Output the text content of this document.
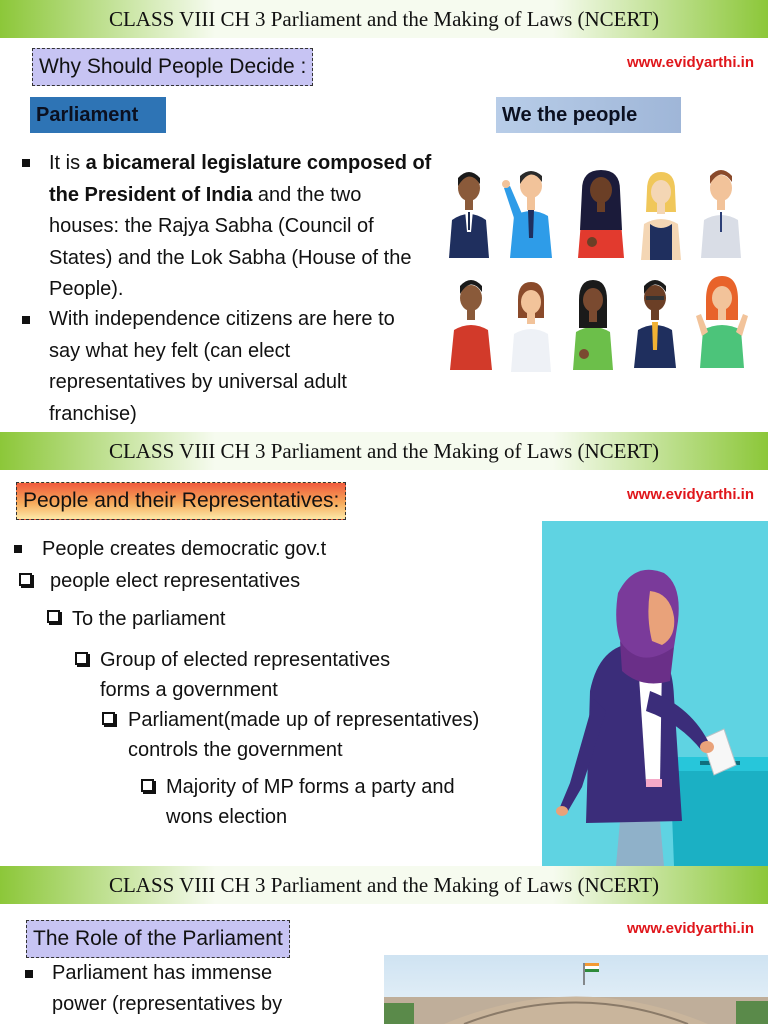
CLASS VIII CH 3 Parliament and the Making of Laws (NCERT)
www.evidyarthi.in
Why Should People Decide :
Parliament	We the people
It is a bicameral legislature composed of the President of India and the two houses: the Rajya Sabha (Council of States) and the Lok Sabha (House of the People).
With independence citizens are here to say what hey felt (can elect representatives by universal adult franchise)
CLASS VIII CH 3 Parliament and the Making of Laws (NCERT)
www.evidyarthi.in
People and their Representatives:
People creates democratic gov.t
people elect representatives
To the parliament
Group of elected representatives
forms a government
Parliament(made up of representatives)
controls the government
Majority of MP forms a party and
wons election
CLASS VIII CH 3 Parliament and the Making of Laws (NCERT)
www.evidyarthi.in
The Role of the Parliament
Parliament has immense
power (representatives by
